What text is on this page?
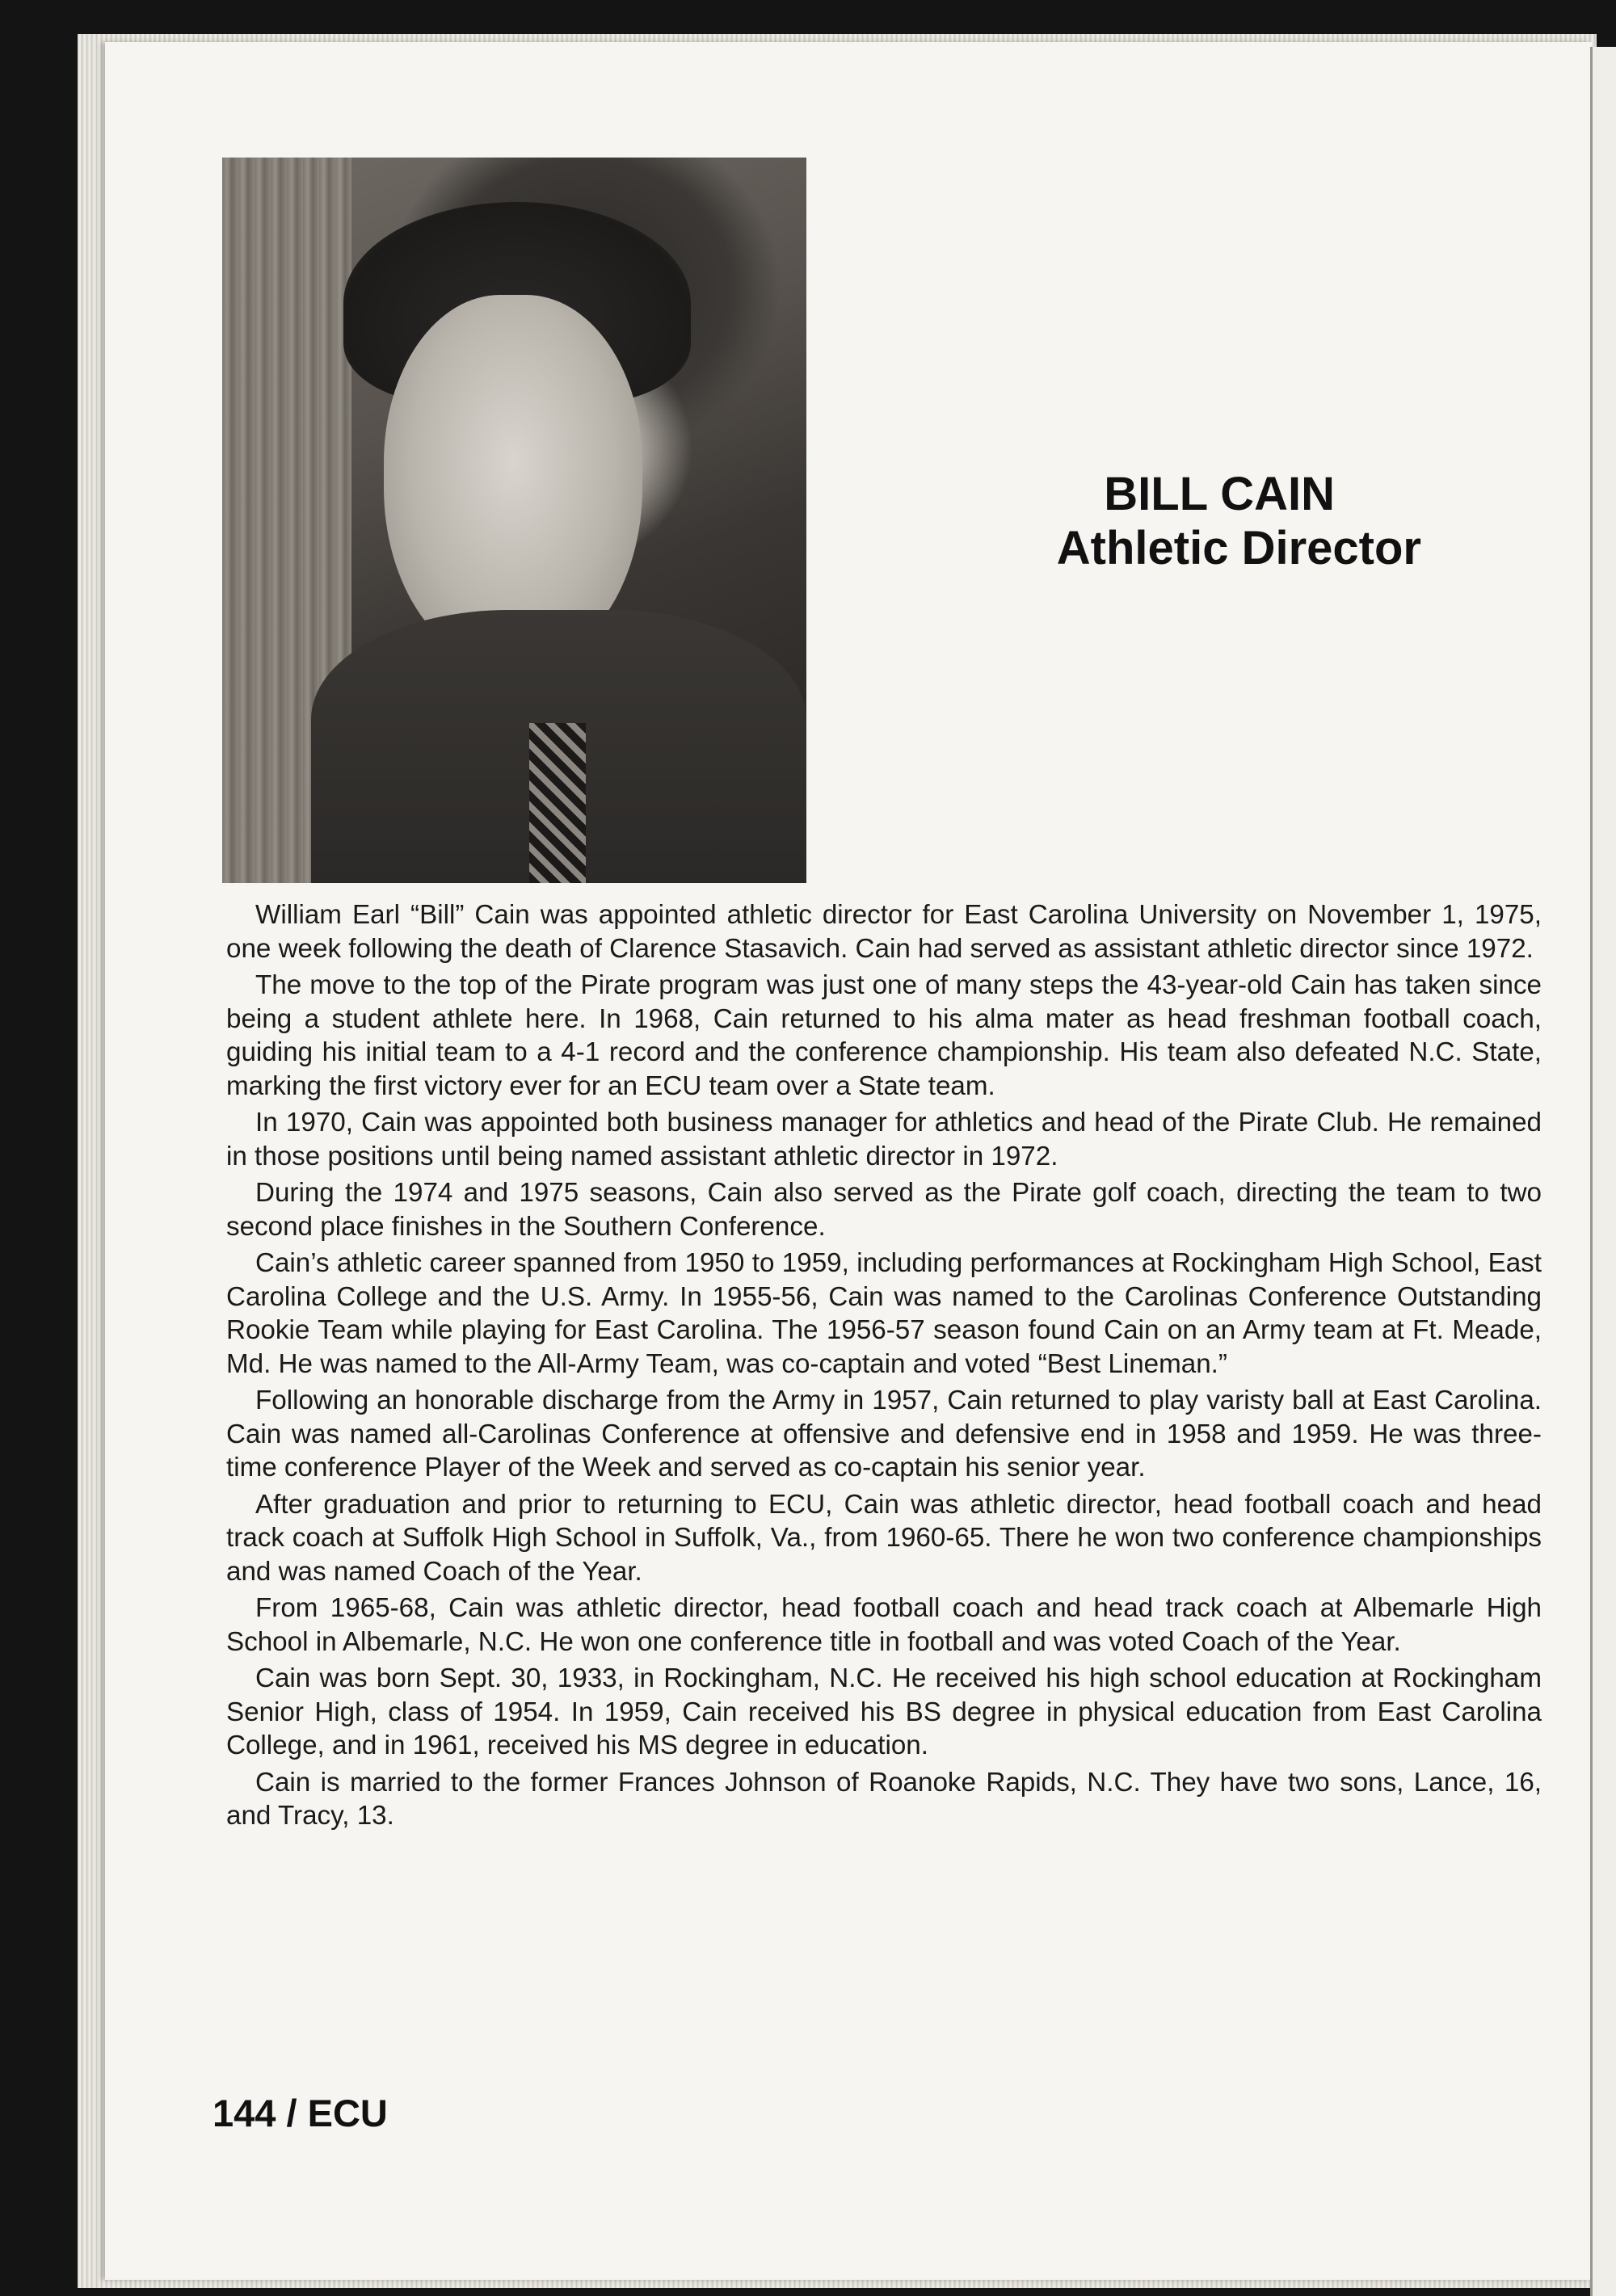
BILL CAIN
Athletic Director

William Earl “Bill” Cain was appointed athletic director for East Carolina University on November 1, 1975, one week following the death of Clarence Stasavich. Cain had served as assistant athletic director since 1972.

The move to the top of the Pirate program was just one of many steps the 43-year-old Cain has taken since being a student athlete here. In 1968, Cain returned to his alma mater as head freshman football coach, guiding his initial team to a 4-1 record and the conference championship. His team also defeated N.C. State, marking the first victory ever for an ECU team over a State team.

In 1970, Cain was appointed both business manager for athletics and head of the Pirate Club. He remained in those positions until being named assistant athletic director in 1972.

During the 1974 and 1975 seasons, Cain also served as the Pirate golf coach, directing the team to two second place finishes in the Southern Conference.

Cain’s athletic career spanned from 1950 to 1959, including performances at Rockingham High School, East Carolina College and the U.S. Army. In 1955-56, Cain was named to the Carolinas Conference Outstanding Rookie Team while playing for East Carolina. The 1956-57 season found Cain on an Army team at Ft. Meade, Md. He was named to the All-Army Team, was co-captain and voted “Best Lineman.”

Following an honorable discharge from the Army in 1957, Cain returned to play varisty ball at East Carolina. Cain was named all-Carolinas Conference at offensive and defensive end in 1958 and 1959. He was three-time conference Player of the Week and served as co-captain his senior year.

After graduation and prior to returning to ECU, Cain was athletic director, head football coach and head track coach at Suffolk High School in Suffolk, Va., from 1960-65. There he won two conference championships and was named Coach of the Year.

From 1965-68, Cain was athletic director, head football coach and head track coach at Albemarle High School in Albemarle, N.C. He won one conference title in football and was voted Coach of the Year.

Cain was born Sept. 30, 1933, in Rockingham, N.C. He received his high school education at Rockingham Senior High, class of 1954. In 1959, Cain received his BS degree in physical education from East Carolina College, and in 1961, received his MS degree in education.

Cain is married to the former Frances Johnson of Roanoke Rapids, N.C. They have two sons, Lance, 16, and Tracy, 13.

144 / ECU
